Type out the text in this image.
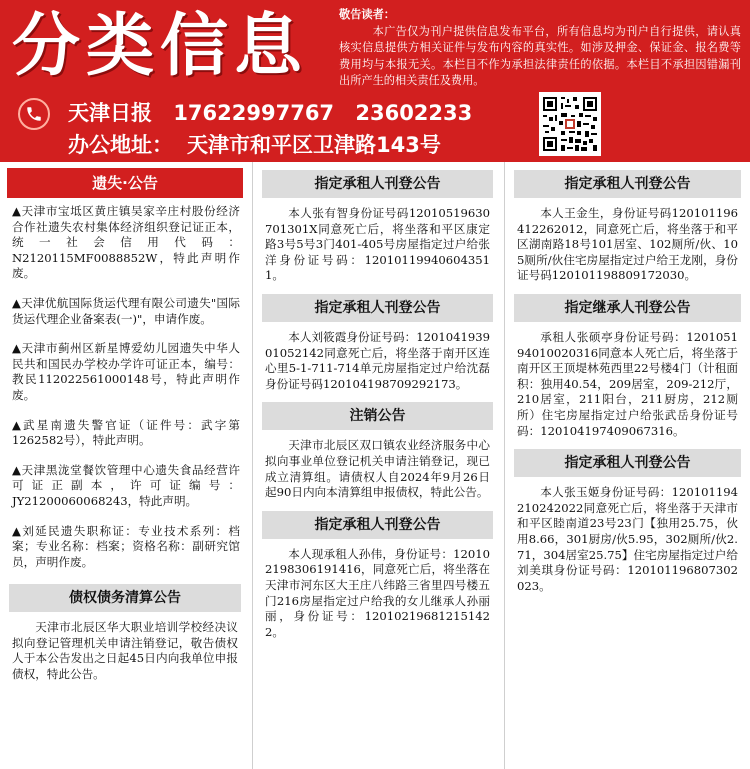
分类信息	敬告读者：
本广告仅为刊户提供信息发布平台，所有信息均为刊户自行提供，请认真核实信息提供方相关证件与发布内容的真实性。如涉及押金、保证金、报名费等费用均与本报无关。本栏目不作为承担法律责任的依据。本栏目不承担因错漏刊出所产生的相关责任及费用。
天津日报 17622997767 23602233
办公地址： 天津市和平区卫津路143号
遗失·公告
▲天津市宝坻区黄庄镇吴家辛庄村股份经济合作社遗失农村集体经济组织登记证正本，统一社会信用代码：N2120115MF0088852W，特此声明作废。
▲天津优航国际货运代理有限公司遗失"国际货运代理企业备案表(一)"，申请作废。
▲天津市蓟州区新星博爱幼儿园遗失中华人民共和国民办学校办学许可证正本，编号：教民112022561000148号，特此声明作废。
▲武星南遗失警官证（证件号：武字第1262582号），特此声明。
▲天津黑泷堂餐饮管理中心遗失食品经营许可证正副本，许可证编号：JY21200060068243，特此声明。
▲刘延民遗失职称证：专业技术系列：档案；专业名称：档案；资格名称：副研究馆员，声明作废。
债权债务清算公告
天津市北辰区华大职业培训学校经决议拟向登记管理机关申请注销登记，敬告债权人于本公告发出之日起45日内向我单位申报债权，特此公告。
指定承租人刊登公告
本人张有智身份证号码12010519630701301X同意死亡后，将坐落和平区康定路3号5号3门401-405号房屋指定过户给张洋身份证号码：120101199406043511。
指定承租人刊登公告
本人刘筱霞身份证号码：120104193901052142同意死亡后，将坐落于南开区连心里5-1-711-714单元房屋指定过户给沈磊身份证号码120104198709292173。
注销公告
天津市北辰区双口镇农业经济服务中心拟向事业单位登记机关申请注销登记，现已成立清算组。请债权人自2024年9月26日起90日内向本清算组申报债权，特此公告。
指定承租人刊登公告
本人现承租人孙伟，身份证号：120102198306191416，同意死亡后，将坐落在天津市河东区大王庄八纬路三省里四号楼五门216房屋指定过户给我的女儿继承人孙丽丽，身份证号：120102196812151422。
指定承租人刊登公告
本人王金生，身份证号码120101196412262012，同意死亡后，将坐落于和平区湖南路18号101居室、102厕所/伙、105厕所/伙住宅房屋指定过户给王龙刚，身份证号码120101198809172030。
指定继承人刊登公告
承租人张硕亭身份证号码：120105194010020316同意本人死亡后，将坐落于南开区王顶堤林苑西里22号楼4门（计租面积：独用40.54，209居室，209-212厅，210居室，211阳台，211厨房，212厕所）住宅房屋指定过户给张武岳身份证号码：120104197409067316。
指定承租人刊登公告
本人张玉姬身份证号码：120101194210242022同意死亡后，将坐落于天津市和平区睦南道23号23门【独用25.75，伙用8.66，301厨房/伙5.95，302厕所/伙2.71，304居室25.75】住宅房屋指定过户给刘美琪身份证号码：120101196807302023。
